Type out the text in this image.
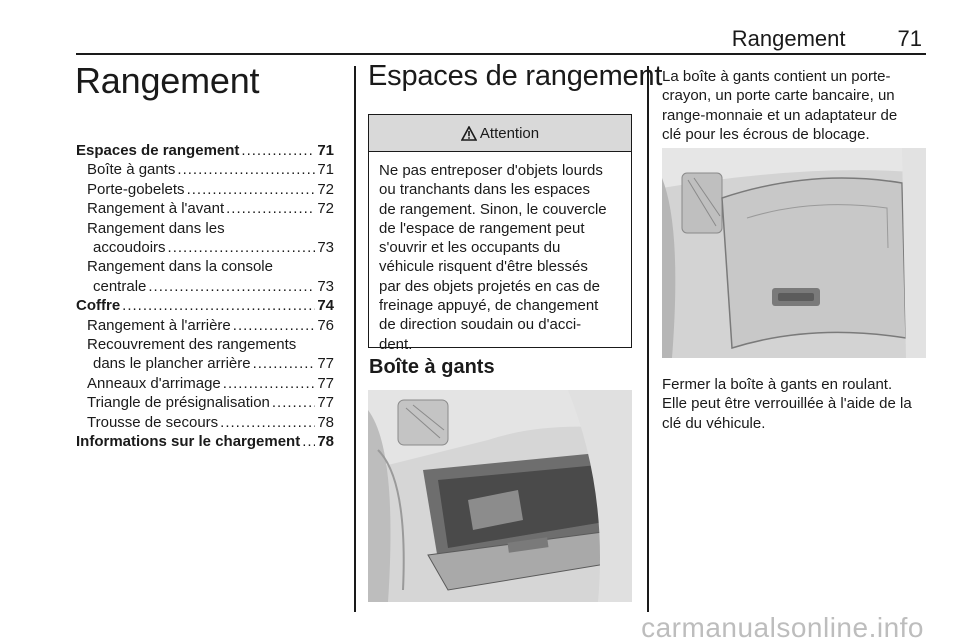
Rangement 71
Rangement
Espaces de rangement .....	71
Boîte à gants .....	71
Porte-gobelets .....	72
Rangement à l'avant .....	72
Rangement dans les
accoudoirs .....	73
Rangement dans la console
centrale .....	73
Coffre .....	74
Rangement à l'arrière .....	76
Recouvrement des rangements
dans le plancher arrière .....	77
Anneaux d'arrimage .....	77
Triangle de présignalisation .....	77
Trousse de secours .....	78
Informations sur le chargement ..... 78
Espaces de rangement
Attention
Ne pas entreposer d'objets lourds
ou tranchants dans les espaces
de rangement. Sinon, le couvercle
de l'espace de rangement peut
s'ouvrir et les occupants du
véhicule risquent d'être blessés
par des objets projetés en cas de
freinage appuyé, de changement
de direction soudain ou d'acci-
dent.
Boîte à gants
La boîte à gants contient un porte-
crayon, un porte carte bancaire, un
range-monnaie et un adaptateur de
clé pour les écrous de blocage.
Fermer la boîte à gants en roulant.
Elle peut être verrouillée à l'aide de la
clé du véhicule.
carmanualsonline.info
